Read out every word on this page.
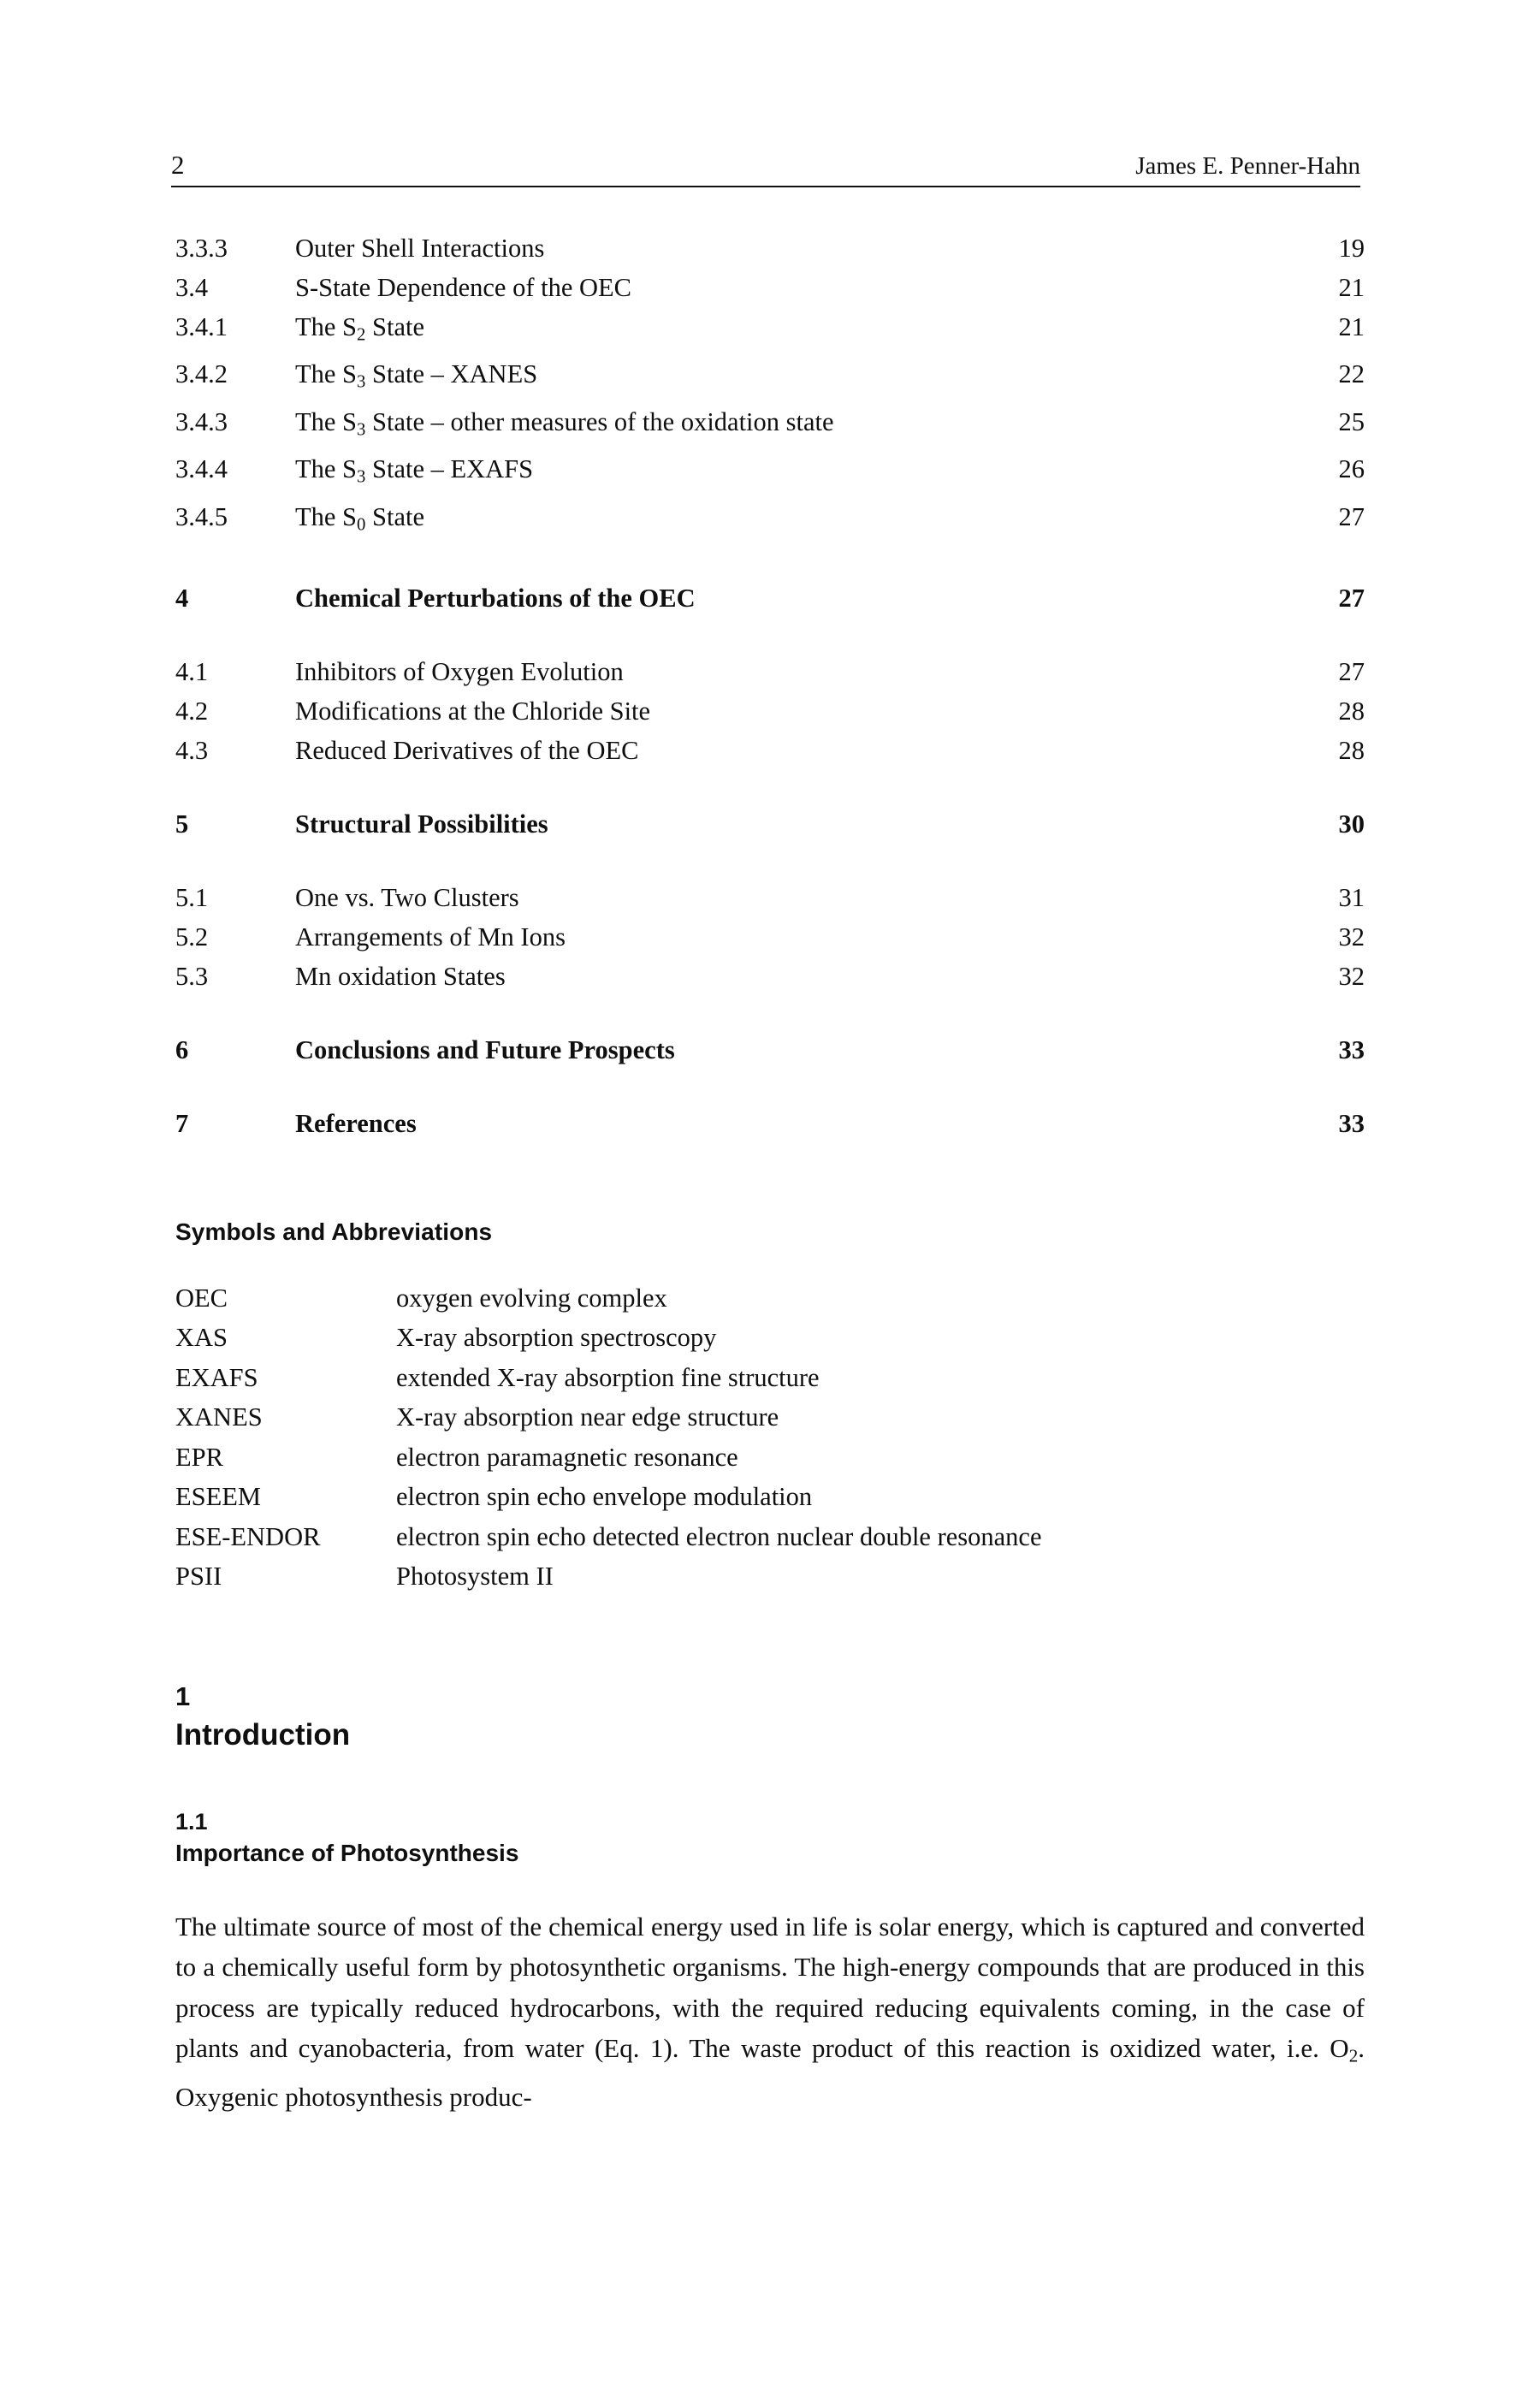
2	James E. Penner-Hahn
3.3.3	Outer Shell Interactions .....	19
3.4	S-State Dependence of the OEC .....	21
3.4.1	The $S_2$ State .....	21
3.4.2	The $S_3$ State – XANES .....	22
3.4.3	The $S_3$ State – other measures of the oxidation state .....	25
3.4.4	The $S_3$ State – EXAFS .....	26
3.4.5	The $S_0$ State .....	27
4	Chemical Perturbations of the OEC .....	27
4.1	Inhibitors of Oxygen Evolution .....	27
4.2	Modifications at the Chloride Site .....	28
4.3	Reduced Derivatives of the OEC .....	28
5	Structural Possibilities .....	30
5.1	One vs. Two Clusters .....	31
5.2	Arrangements of Mn Ions .....	32
5.3	Mn oxidation States .....	32
6	Conclusions and Future Prospects .....	33
7	References .....	33
Symbols and Abbreviations
OEC	oxygen evolving complex
XAS	X-ray absorption spectroscopy
EXAFS	extended X-ray absorption fine structure
XANES	X-ray absorption near edge structure
EPR	electron paramagnetic resonance
ESEEM	electron spin echo envelope modulation
ESE-ENDOR	electron spin echo detected electron nuclear double resonance
PSII	Photosystem II
1
Introduction
1.1
Importance of Photosynthesis
The ultimate source of most of the chemical energy used in life is solar energy, which is captured and converted to a chemically useful form by photosynthetic organisms. The high-energy compounds that are produced in this process are typically reduced hydrocarbons, with the required reducing equivalents coming, in the case of plants and cyanobacteria, from water (Eq. 1). The waste product of this reaction is oxidized water, i.e. $O_2$. Oxygenic photosynthesis produc-
